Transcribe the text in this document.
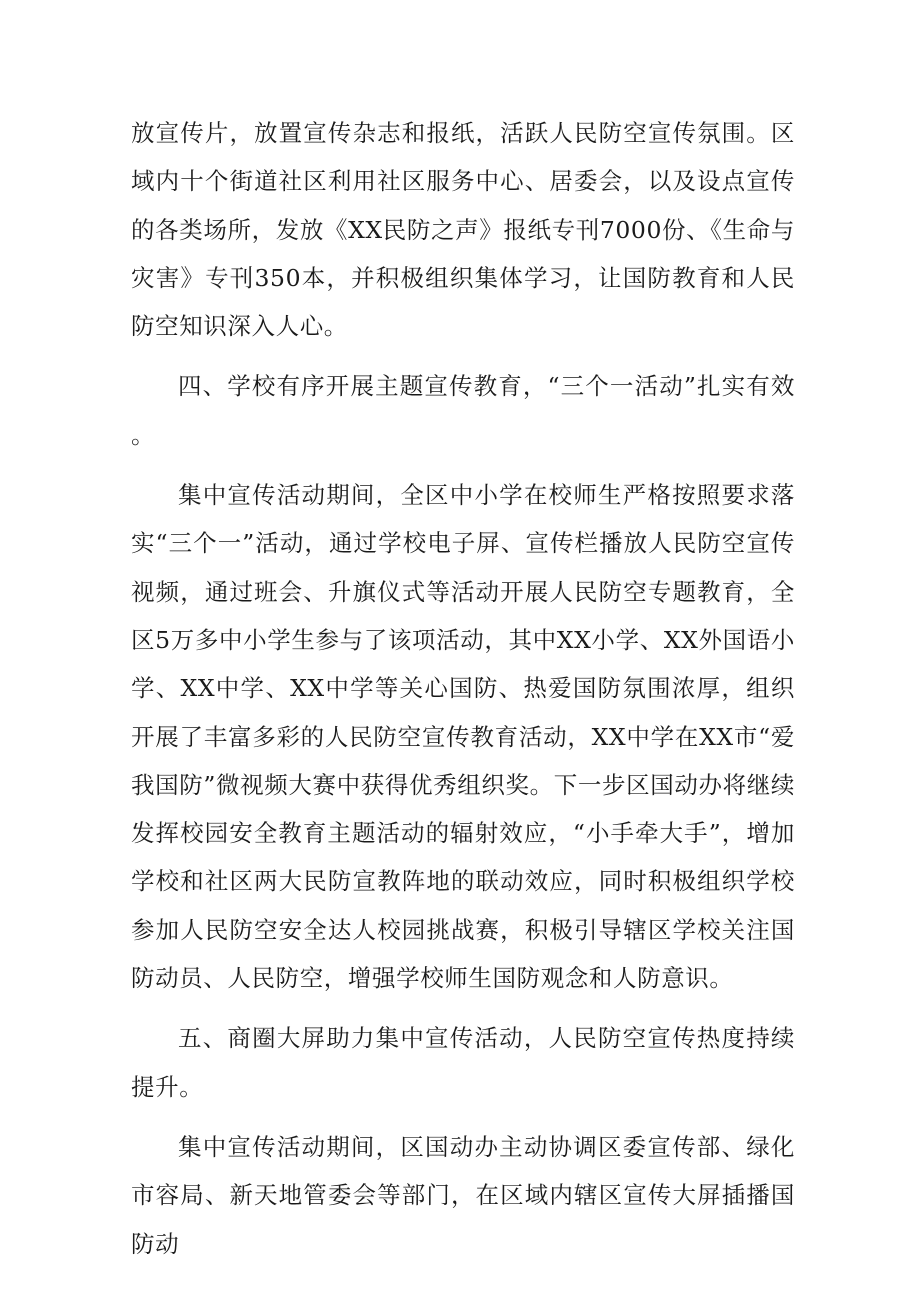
放宣传片，放置宣传杂志和报纸，活跃人民防空宣传氛围。区域内十个街道社区利用社区服务中心、居委会，以及设点宣传的各类场所，发放《XX民防之声》报纸专刊7000份、《生命与灾害》专刊350本，并积极组织集体学习，让国防教育和人民防空知识深入人心。

四、学校有序开展主题宣传教育，“三个一活动”扎实有效。

集中宣传活动期间，全区中小学在校师生严格按照要求落实“三个一”活动，通过学校电子屏、宣传栏播放人民防空宣传视频，通过班会、升旗仪式等活动开展人民防空专题教育，全区5万多中小学生参与了该项活动，其中XX小学、XX外国语小学、XX中学、XX中学等关心国防、热爱国防氛围浓厚，组织开展了丰富多彩的人民防空宣传教育活动，XX中学在XX市“爱我国防”微视频大赛中获得优秀组织奖。下一步区国动办将继续发挥校园安全教育主题活动的辐射效应，“小手牵大手”，增加学校和社区两大民防宣教阵地的联动效应，同时积极组织学校参加人民防空安全达人校园挑战赛，积极引导辖区学校关注国防动员、人民防空，增强学校师生国防观念和人防意识。

五、商圈大屏助力集中宣传活动，人民防空宣传热度持续提升。

集中宣传活动期间，区国动办主动协调区委宣传部、绿化市容局、新天地管委会等部门，在区域内辖区宣传大屏插播国防动
